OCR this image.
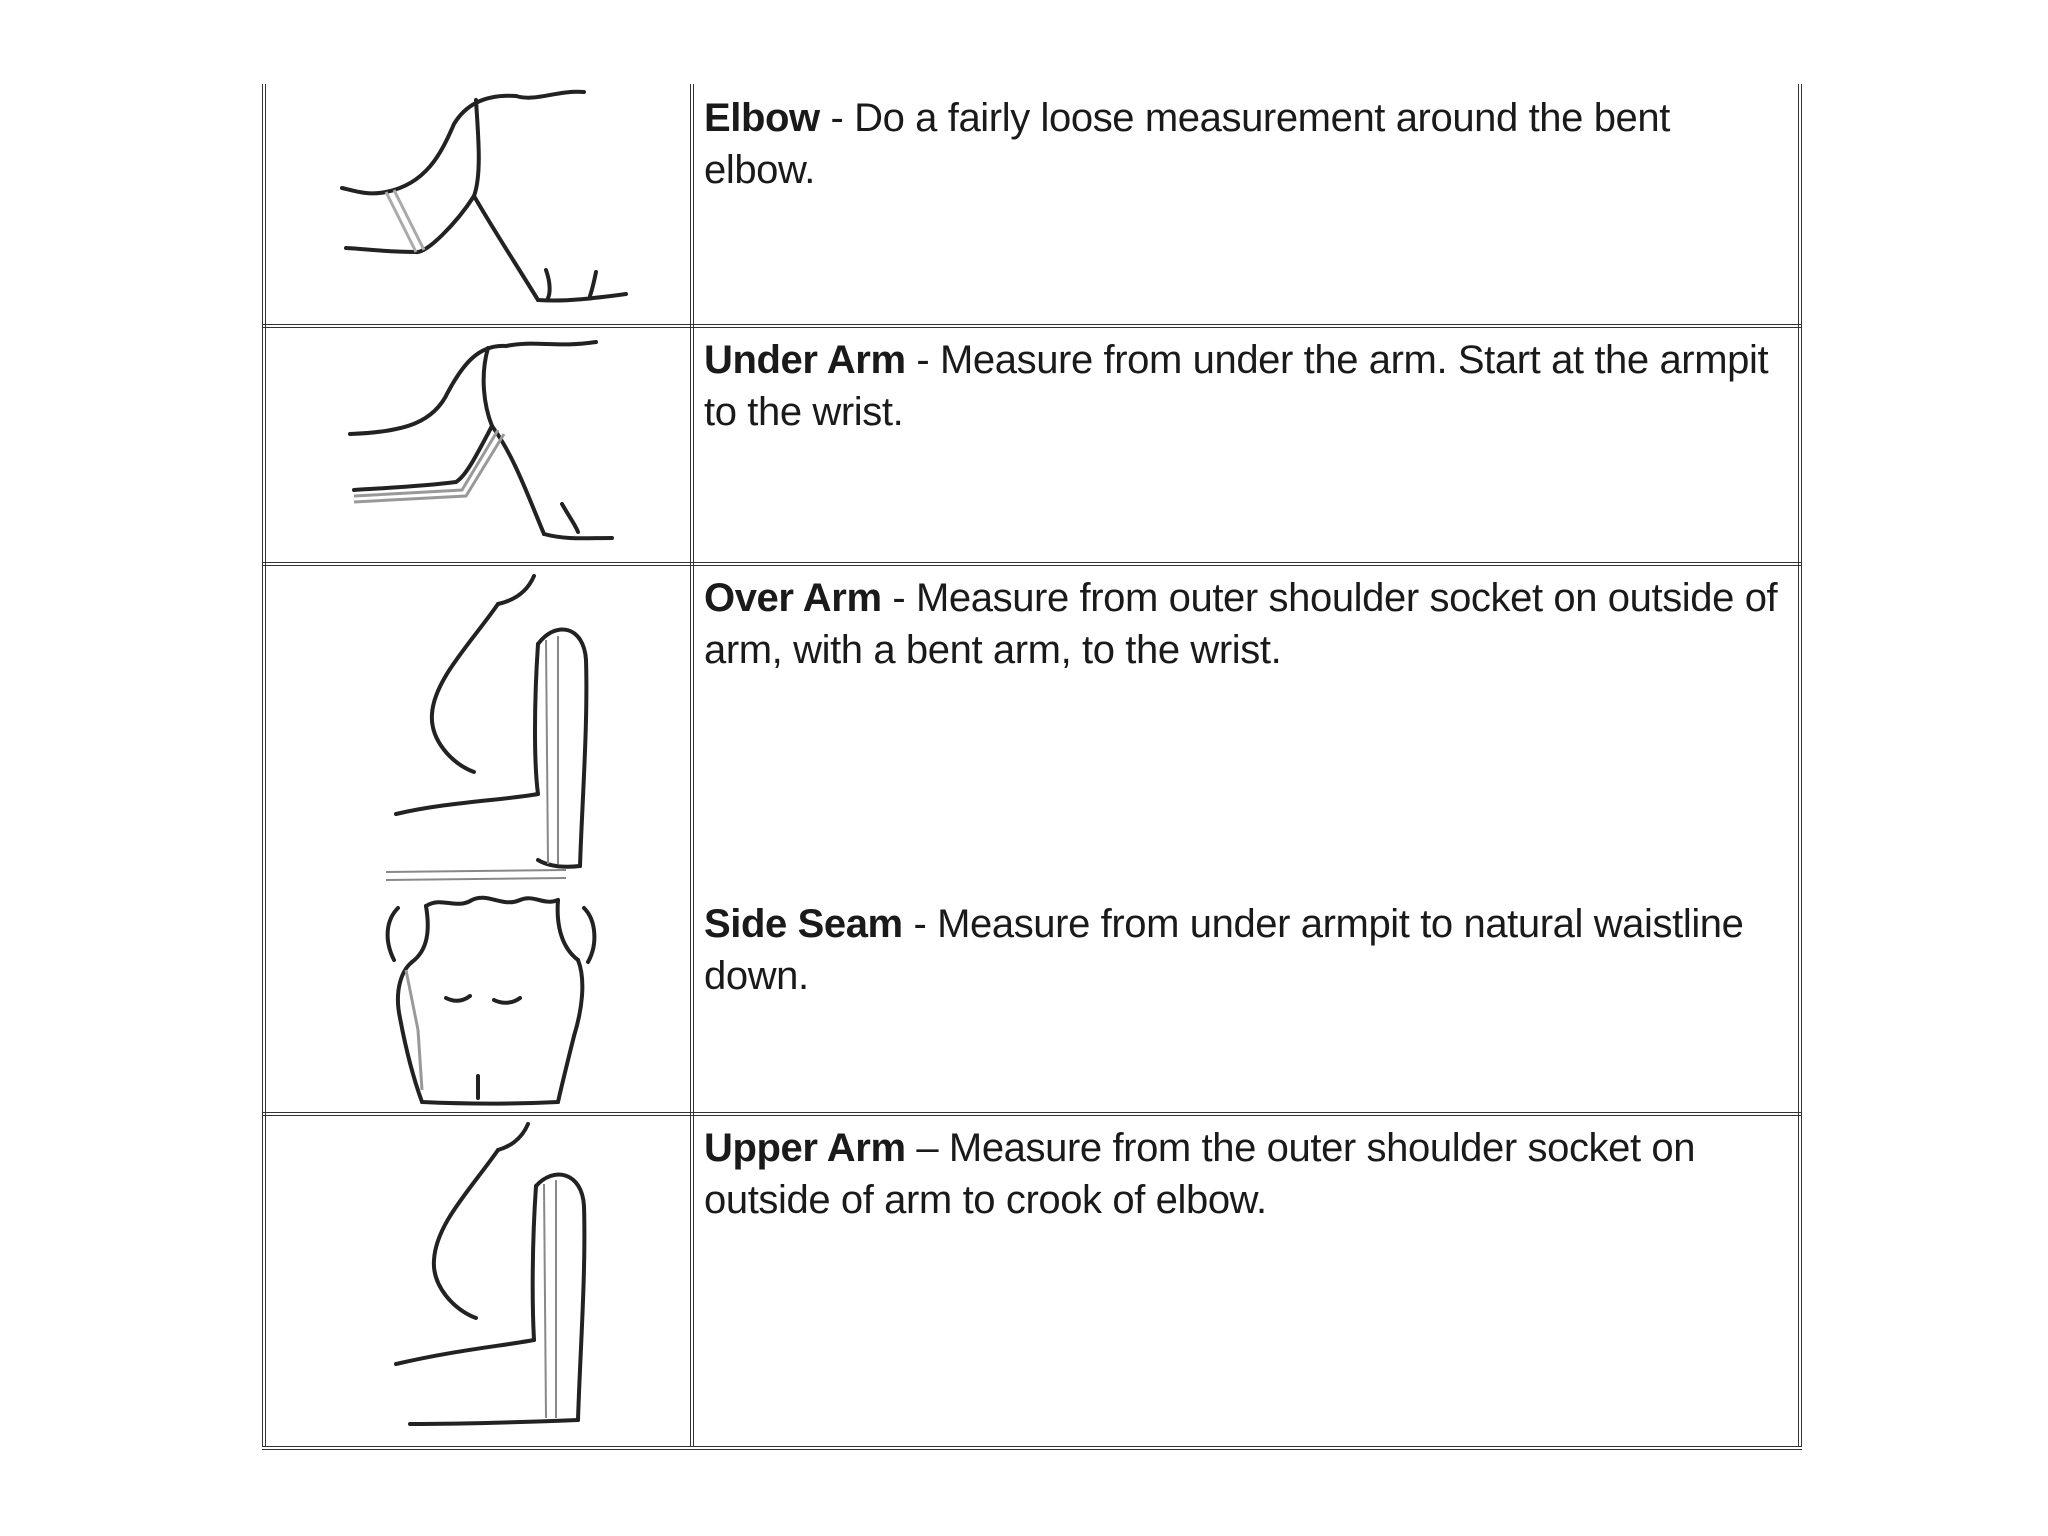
Elbow - Do a fairly loose measurement around the bent elbow.
Under Arm - Measure from under the arm. Start at the armpit to the wrist.
Over Arm - Measure from outer shoulder socket on outside of arm, with a bent arm, to the wrist.
Side Seam - Measure from under armpit to natural waistline down.
Upper Arm – Measure from the outer shoulder socket on outside of arm to crook of elbow.
